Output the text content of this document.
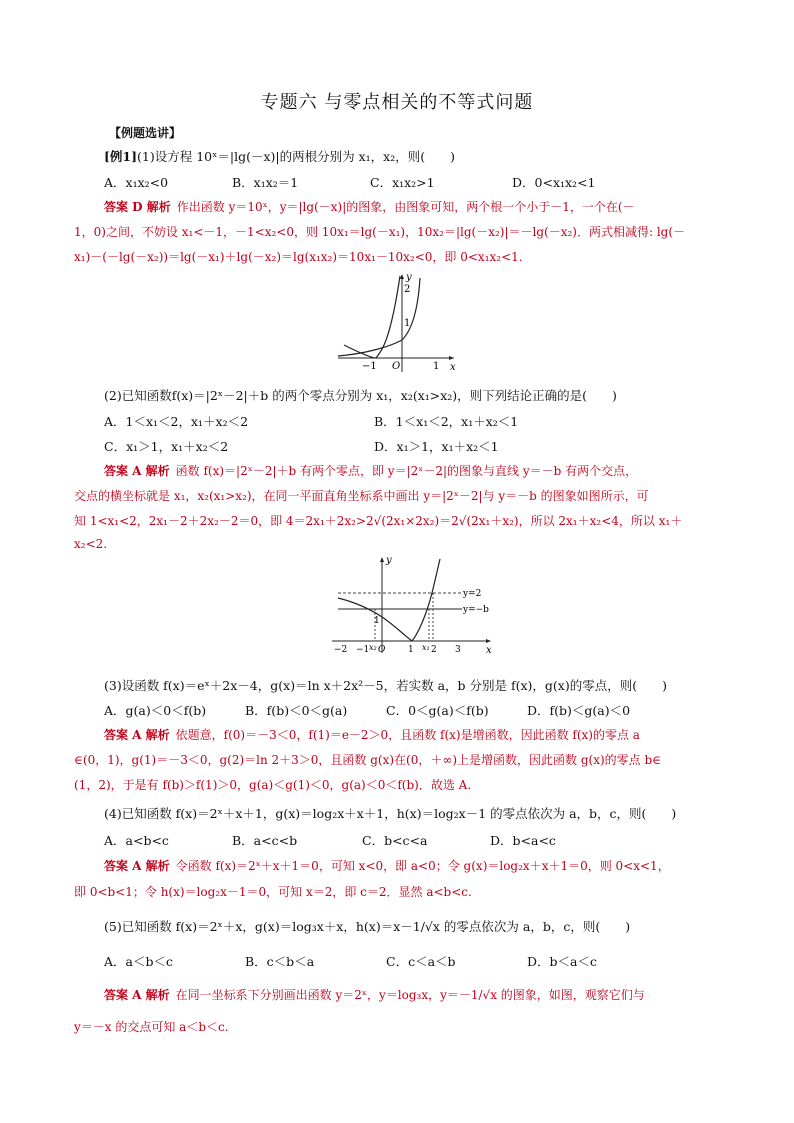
专题六 与零点相关的不等式问题
【例题选讲】
[例1](1)设方程 10ˣ＝|lg(－x)|的两根分别为 x₁，x₂，则(　　)
A．x₁x₂<0	B．x₁x₂＝1	C．x₁x₂>1	D．0<x₁x₂<1
答案 D 解析 作出函数 y＝10ˣ，y＝|lg(－x)|的图象，由图象可知，两个根一个小于－1，一个在(－
1，0)之间，不妨设 x₁<－1，－1<x₂<0，则 10x₁＝lg(－x₁)，10x₂＝|lg(－x₂)|＝－lg(－x₂)．两式相减得: lg(－
x₁)－(－lg(－x₂))＝lg(－x₁)＋lg(－x₂)＝lg(x₁x₂)＝10x₁－10x₂<0，即 0<x₁x₂<1.
y
x
2
1
−1 O	1
(2)已知函数f(x)＝|2ˣ－2|＋b 的两个零点分别为 x₁，x₂(x₁>x₂)，则下列结论正确的是(　　)
A．1＜x₁＜2，x₁＋x₂＜2	B．1＜x₁＜2，x₁＋x₂＜1
C．x₁＞1，x₁＋x₂＜2	D．x₁＞1，x₁＋x₂＜1
答案 A 解析 函数 f(x)＝|2ˣ－2|＋b 有两个零点，即 y＝|2ˣ－2|的图象与直线 y＝－b 有两个交点，
交点的横坐标就是 x₁，x₂(x₁>x₂)，在同一平面直角坐标系中画出 y＝|2ˣ－2|与 y＝－b 的图象如图所示，可
知 1<x₁<2，2x₁－2＋2x₂－2＝0，即 4＝2x₁＋2x₂>2√(2x₁×2x₂)＝2√(2x₁＋x₂)，所以 2x₁＋x₂<4，所以 x₁＋
x₂<2.
y
x
y=2
y=−b
1
−2 −1 x₂ O	1 x₁ 2 3
(3)设函数 f(x)＝eˣ＋2x－4，g(x)＝ln x＋2x²－5，若实数 a，b 分别是 f(x)，g(x)的零点，则(　　)
A．g(a)＜0＜f(b)	B．f(b)＜0＜g(a)	C．0＜g(a)＜f(b)	D．f(b)＜g(a)＜0
答案 A 解析 依题意，f(0)＝－3＜0，f(1)＝e－2＞0，且函数 f(x)是增函数，因此函数 f(x)的零点 a
∈(0，1)，g(1)＝－3＜0，g(2)＝ln 2＋3＞0，且函数 g(x)在(0，＋∞)上是增函数，因此函数 g(x)的零点 b∈
(1，2)，于是有 f(b)＞f(1)＞0，g(a)＜g(1)＜0，g(a)＜0＜f(b)．故选 A.
(4)已知函数 f(x)＝2ˣ＋x＋1，g(x)＝log₂x＋x＋1，h(x)＝log₂x－1 的零点依次为 a，b，c，则(　　)
A．a<b<c	B．a<c<b	C．b<c<a	D．b<a<c
答案 A 解析 令函数 f(x)＝2ˣ＋x＋1＝0，可知 x<0，即 a<0；令 g(x)＝log₂x＋x＋1＝0，则 0<x<1，
即 0<b<1；令 h(x)＝log₂x－1＝0，可知 x＝2，即 c＝2．显然 a<b<c.
(5)已知函数 f(x)＝2ˣ＋x，g(x)＝log₃x＋x，h(x)＝x－1/√x 的零点依次为 a，b，c，则(　　)
A．a＜b＜c	B．c＜b＜a	C．c＜a＜b	D．b＜a＜c
答案 A 解析 在同一坐标系下分别画出函数 y＝2ˣ，y＝log₃x，y＝－1/√x 的图象，如图，观察它们与
y＝－x 的交点可知 a＜b＜c.
